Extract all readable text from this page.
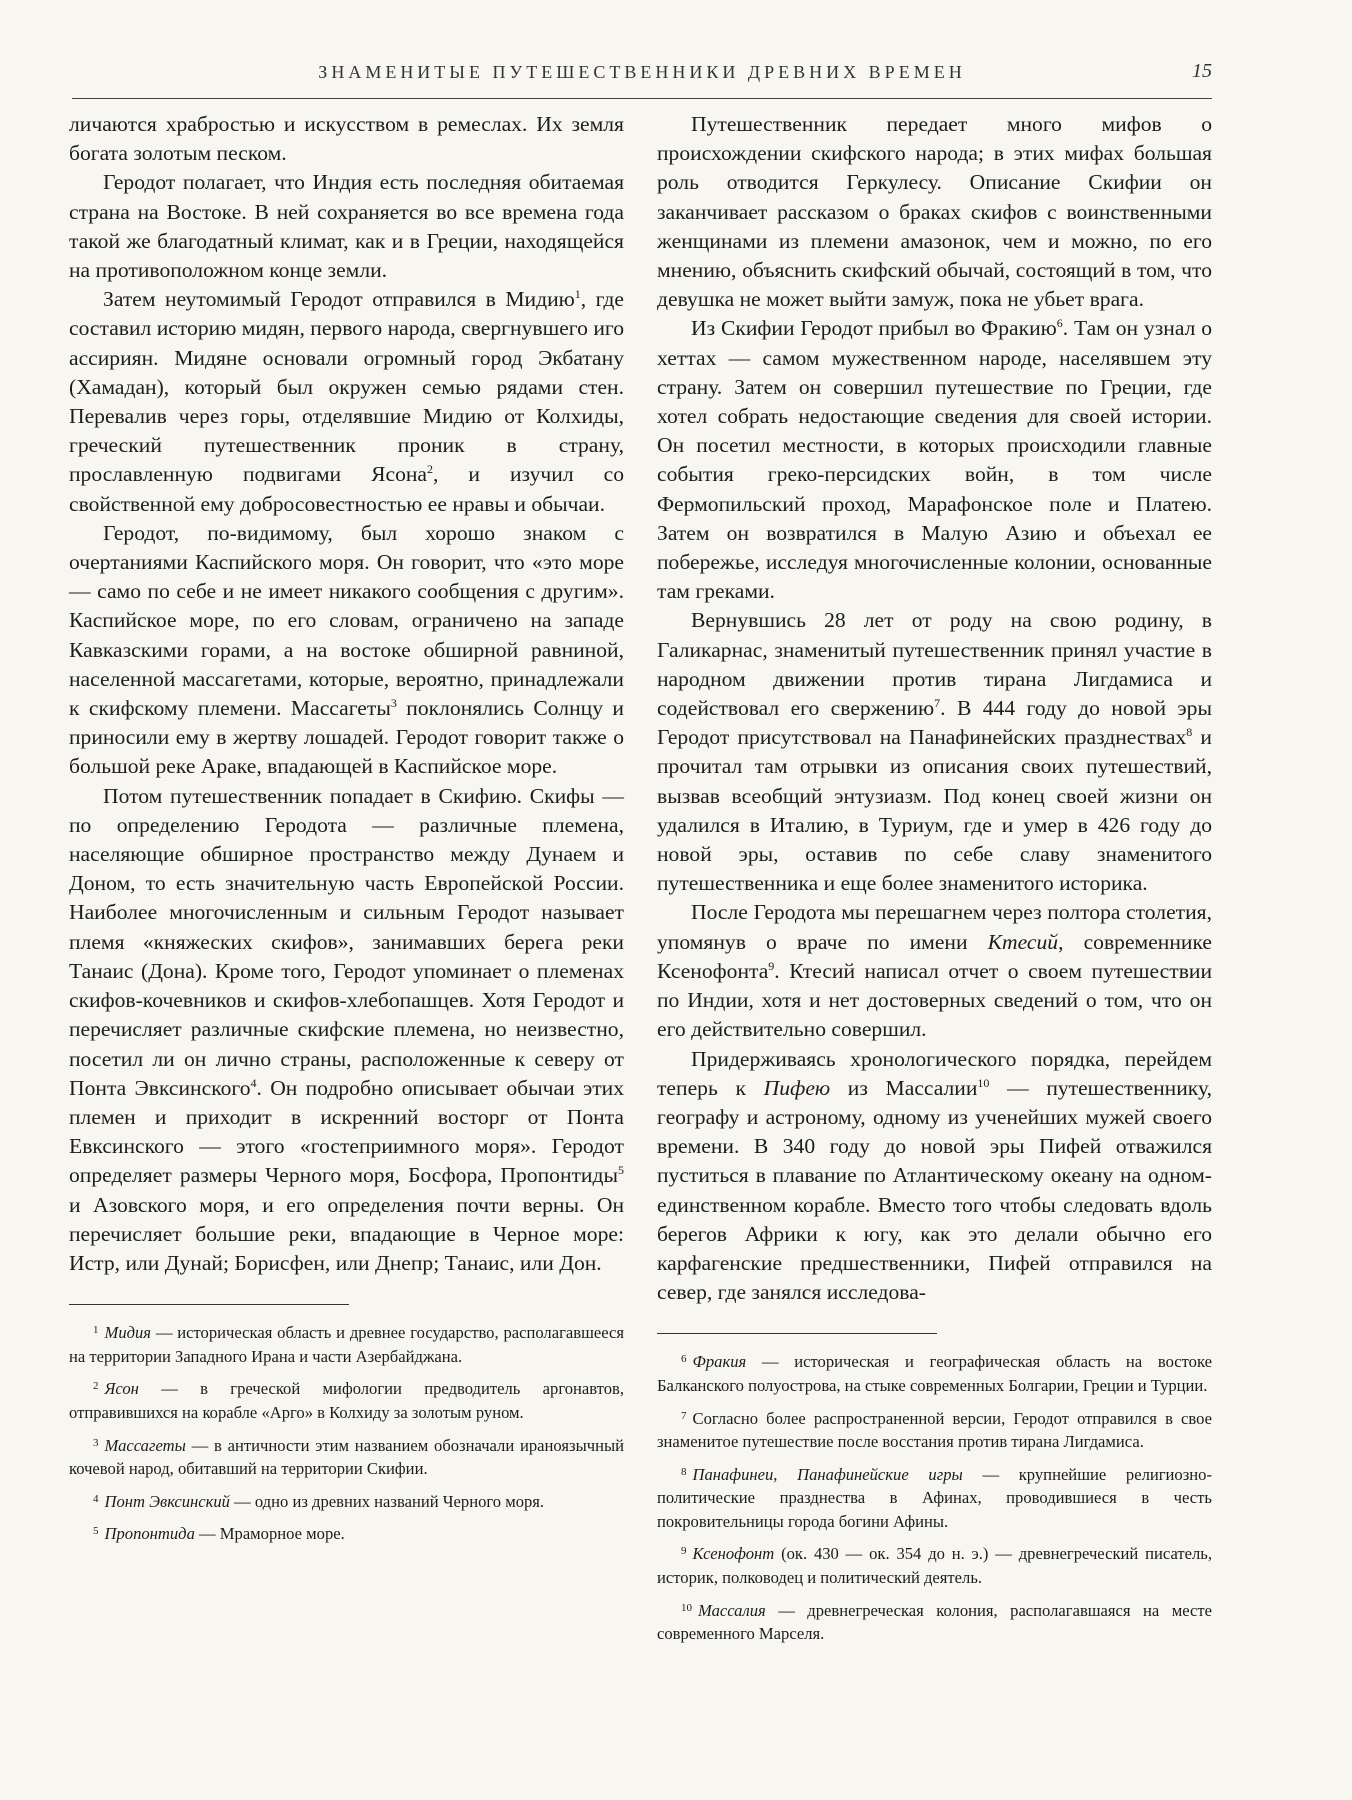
ЗНАМЕНИТЫЕ ПУТЕШЕСТВЕННИКИ ДРЕВНИХ ВРЕМЕН	15

личаются храбростью и искусством в ремеслах. Их земля богата золотым песком.

Геродот полагает, что Индия есть последняя обитаемая страна на Востоке. В ней сохраняется во все времена года такой же благодатный климат, как и в Греции, находящейся на противоположном конце земли.

Затем неутомимый Геродот отправился в Мидию$^1$, где составил историю мидян, первого народа, свергнувшего иго ассириян. Мидяне основали огромный город Экбатану (Хамадан), который был окружен семью рядами стен. Перевалив через горы, отделявшие Мидию от Колхиды, греческий путешественник проник в страну, прославленную подвигами Ясона$^2$, и изучил со свойственной ему добросовестностью ее нравы и обычаи.

Геродот, по-видимому, был хорошо знаком с очертаниями Каспийского моря. Он говорит, что «это море — само по себе и не имеет никакого сообщения с другим». Каспийское море, по его словам, ограничено на западе Кавказскими горами, а на востоке обширной равниной, населенной массагетами, которые, вероятно, принадлежали к скифскому племени. Массагеты$^3$ поклонялись Солнцу и приносили ему в жертву лошадей. Геродот говорит также о большой реке Араке, впадающей в Каспийское море.

Потом путешественник попадает в Скифию. Скифы — по определению Геродота — различные племена, населяющие обширное пространство между Дунаем и Доном, то есть значительную часть Европейской России. Наиболее многочисленным и сильным Геродот называет племя «княжеских скифов», занимавших берега реки Танаис (Дона). Кроме того, Геродот упоминает о племенах скифов-кочевников и скифов-хлебопашцев. Хотя Геродот и перечисляет различные скифские племена, но неизвестно, посетил ли он лично страны, расположенные к северу от Понта Эвксинского$^4$. Он подробно описывает обычаи этих племен и приходит в искренний восторг от Понта Евксинского — этого «гостеприимного моря». Геродот определяет размеры Черного моря, Босфора, Пропонтиды$^5$ и Азовского моря, и его определения почти верны. Он перечисляет большие реки, впадающие в Черное море: Истр, или Дунай; Борисфен, или Днепр; Танаис, или Дон.

$^1$ Мидия — историческая область и древнее государство, располагавшееся на территории Западного Ирана и части Азербайджана.

$^2$ Ясон — в греческой мифологии предводитель аргонавтов, отправившихся на корабле «Арго» в Колхиду за золотым руном.

$^3$ Массагеты — в античности этим названием обозначали ираноязычный кочевой народ, обитавший на территории Скифии.

$^4$ Понт Эвксинский — одно из древних названий Черного моря.

$^5$ Пропонтида — Мраморное море.

Путешественник передает много мифов о происхождении скифского народа; в этих мифах большая роль отводится Геркулесу. Описание Скифии он заканчивает рассказом о браках скифов с воинственными женщинами из племени амазонок, чем и можно, по его мнению, объяснить скифский обычай, состоящий в том, что девушка не может выйти замуж, пока не убьет врага.

Из Скифии Геродот прибыл во Фракию$^6$. Там он узнал о хеттах — самом мужественном народе, населявшем эту страну. Затем он совершил путешествие по Греции, где хотел собрать недостающие сведения для своей истории. Он посетил местности, в которых происходили главные события греко-персидских войн, в том числе Фермопильский проход, Марафонское поле и Платею. Затем он возвратился в Малую Азию и объехал ее побережье, исследуя многочисленные колонии, основанные там греками.

Вернувшись 28 лет от роду на свою родину, в Галикарнас, знаменитый путешественник принял участие в народном движении против тирана Лигдамиса и содействовал его свержению$^7$. В 444 году до новой эры Геродот присутствовал на Панафинейских празднествах$^8$ и прочитал там отрывки из описания своих путешествий, вызвав всеобщий энтузиазм. Под конец своей жизни он удалился в Италию, в Туриум, где и умер в 426 году до новой эры, оставив по себе славу знаменитого путешественника и еще более знаменитого историка.

После Геродота мы перешагнем через полтора столетия, упомянув о враче по имени Ктесий, современнике Ксенофонта$^9$. Ктесий написал отчет о своем путешествии по Индии, хотя и нет достоверных сведений о том, что он его действительно совершил.

Придерживаясь хронологического порядка, перейдем теперь к Пифею из Массалии$^{10}$ — путешественнику, географу и астроному, одному из ученейших мужей своего времени. В 340 году до новой эры Пифей отважился пуститься в плавание по Атлантическому океану на одном-единственном корабле. Вместо того чтобы следовать вдоль берегов Африки к югу, как это делали обычно его карфагенские предшественники, Пифей отправился на север, где занялся исследова-

$^6$ Фракия — историческая и географическая область на востоке Балканского полуострова, на стыке современных Болгарии, Греции и Турции.

$^7$ Согласно более распространенной версии, Геродот отправился в свое знаменитое путешествие после восстания против тирана Лигдамиса.

$^8$ Панафинеи, Панафинейские игры — крупнейшие религиозно-политические празднества в Афинах, проводившиеся в честь покровительницы города богини Афины.

$^9$ Ксенофонт (ок. 430 — ок. 354 до н. э.) — древнегреческий писатель, историк, полководец и политический деятель.

$^{10}$ Массалия — древнегреческая колония, располагавшаяся на месте современного Марселя.
